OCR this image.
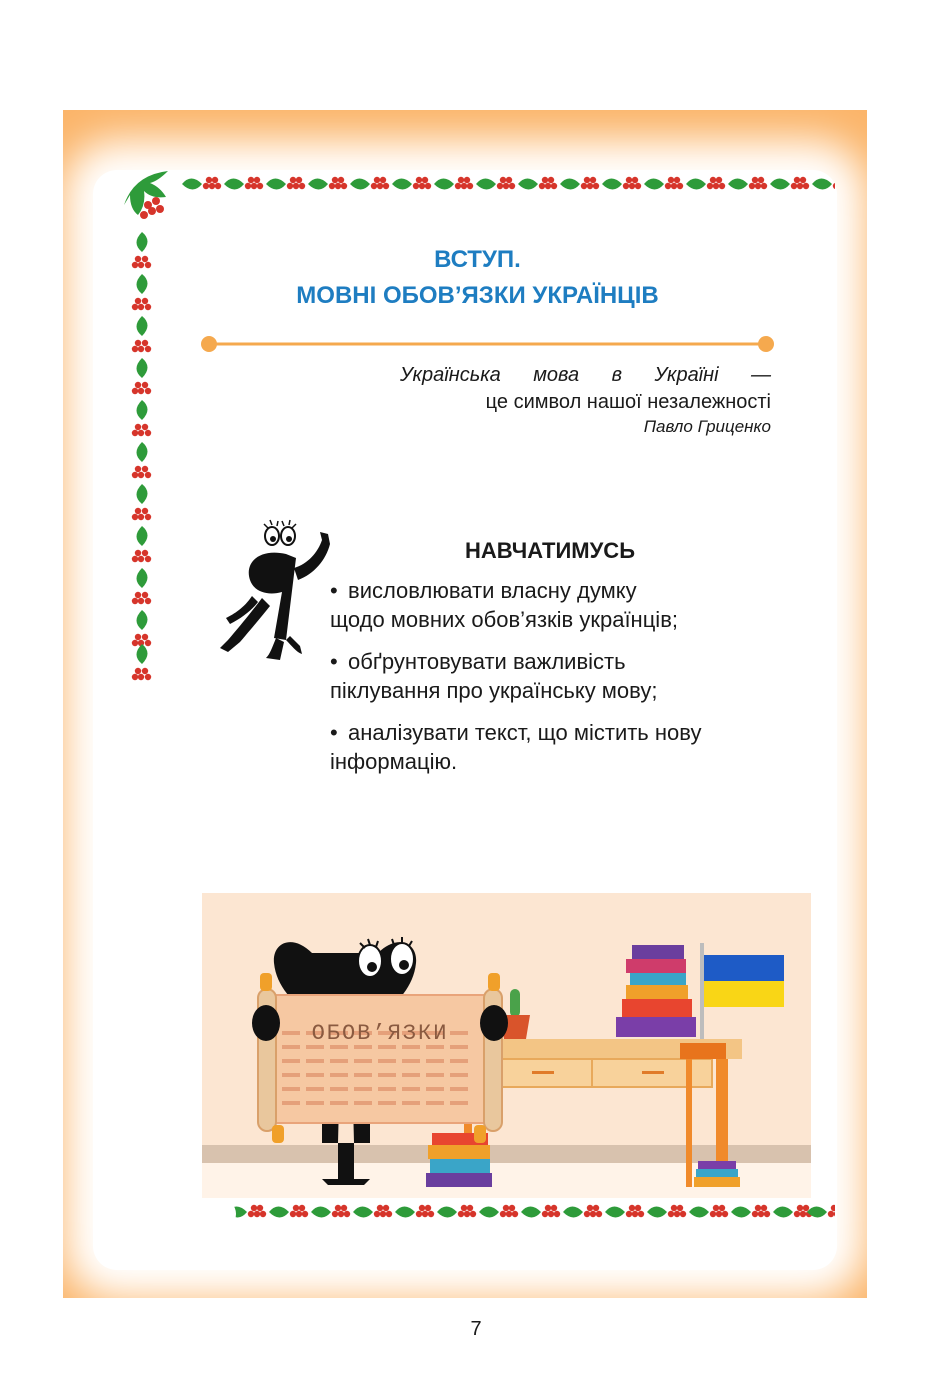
ВСТУП.
МОВНІ ОБОВ’ЯЗКИ УКРАЇНЦІВ
Українська мова в Україні —
це символ нашої незалежності
Павло Гриценко
НАВЧАТИМУСЬ
• висловлювати власну думку
щодо мовних обов’язків українців;
• обґрунтовувати важливість
піклування про українську мову;
• аналізувати текст, що містить нову
інформацію.
ОБОВ’ЯЗКИ
7
